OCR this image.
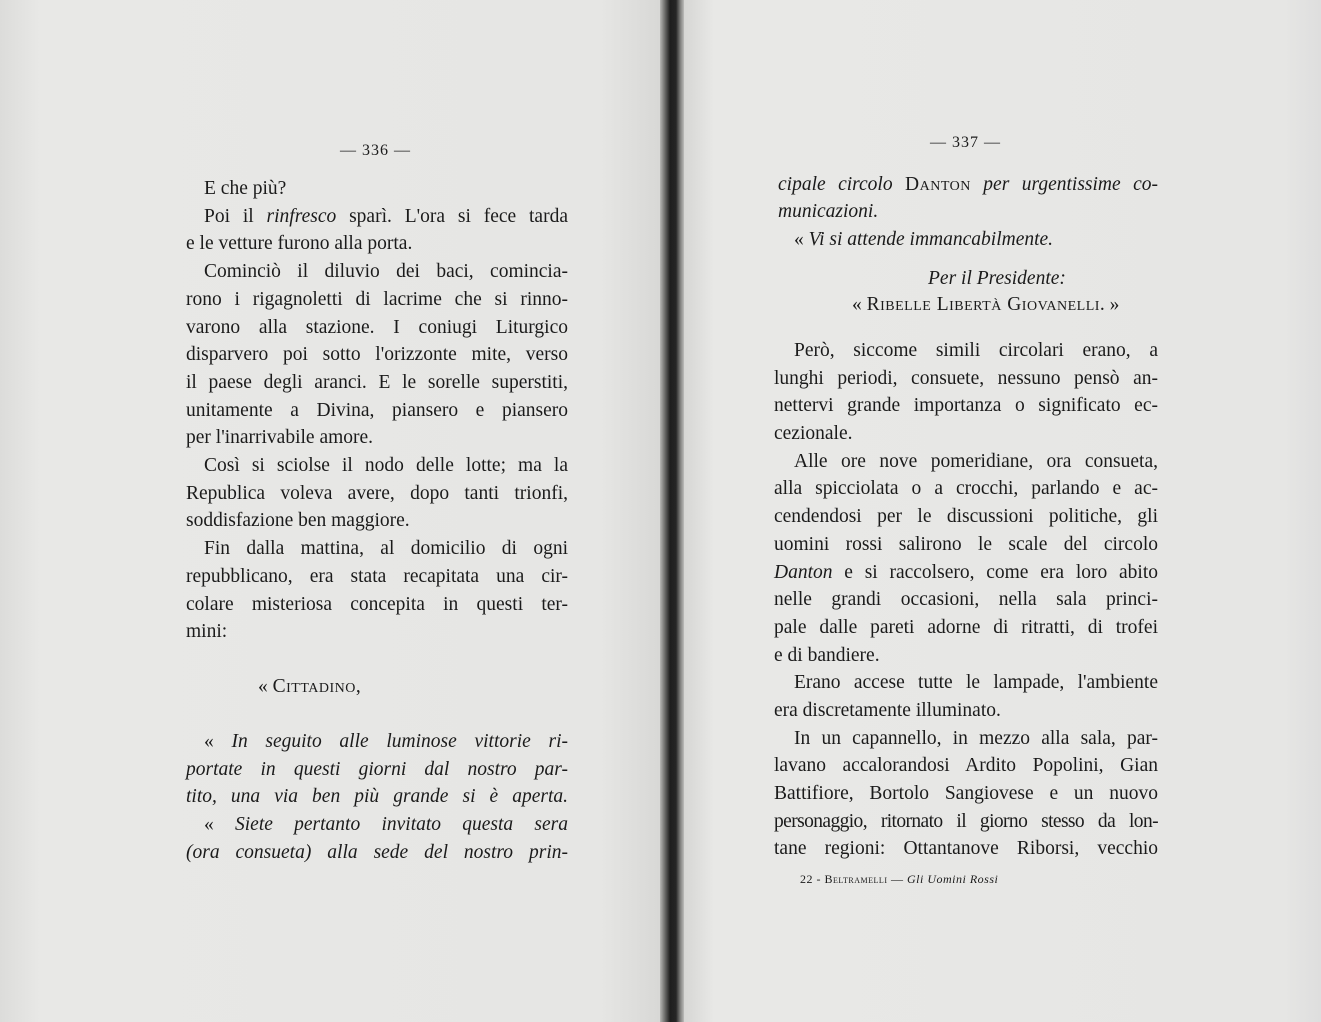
— 336 —
E che più?
Poi il rinfresco sparì. L'ora si fece tarda
e le vetture furono alla porta.
Cominciò il diluvio dei baci, comincia-
rono i rigagnoletti di lacrime che si rinno-
varono alla stazione. I coniugi Liturgico
disparvero poi sotto l'orizzonte mite, verso
il paese degli aranci. E le sorelle superstiti,
unitamente a Divina, piansero e piansero
per l'inarrivabile amore.
Così si sciolse il nodo delle lotte; ma la
Republica voleva avere, dopo tanti trionfi,
soddisfazione ben maggiore.
Fin dalla mattina, al domicilio di ogni
repubblicano, era stata recapitata una cir-
colare misteriosa concepita in questi ter-
mini:
« Cittadino,
« In seguito alle luminose vittorie ri-
portate in questi giorni dal nostro par-
tito, una via ben più grande si è aperta.
« Siete pertanto invitato questa sera
(ora consueta) alla sede del nostro prin-
— 337 —
cipale circolo Danton per urgentissime co-
municazioni.
« Vi si attende immancabilmente.
Per il Presidente:
« Ribelle Libertà Giovanelli. »
Però, siccome simili circolari erano, a
lunghi periodi, consuete, nessuno pensò an-
nettervi grande importanza o significato ec-
cezionale.
Alle ore nove pomeridiane, ora consueta,
alla spicciolata o a crocchi, parlando e ac-
cendendosi per le discussioni politiche, gli
uomini rossi salirono le scale del circolo
Danton e si raccolsero, come era loro abito
nelle grandi occasioni, nella sala princi-
pale dalle pareti adorne di ritratti, di trofei
e di bandiere.
Erano accese tutte le lampade, l'ambiente
era discretamente illuminato.
In un capannello, in mezzo alla sala, par-
lavano accalorandosi Ardito Popolini, Gian
Battifiore, Bortolo Sangiovese e un nuovo
personaggio, ritornato il giorno stesso da lon-
tane regioni: Ottantanove Riborsi, vecchio
22 - Beltramelli — Gli Uomini Rossi
